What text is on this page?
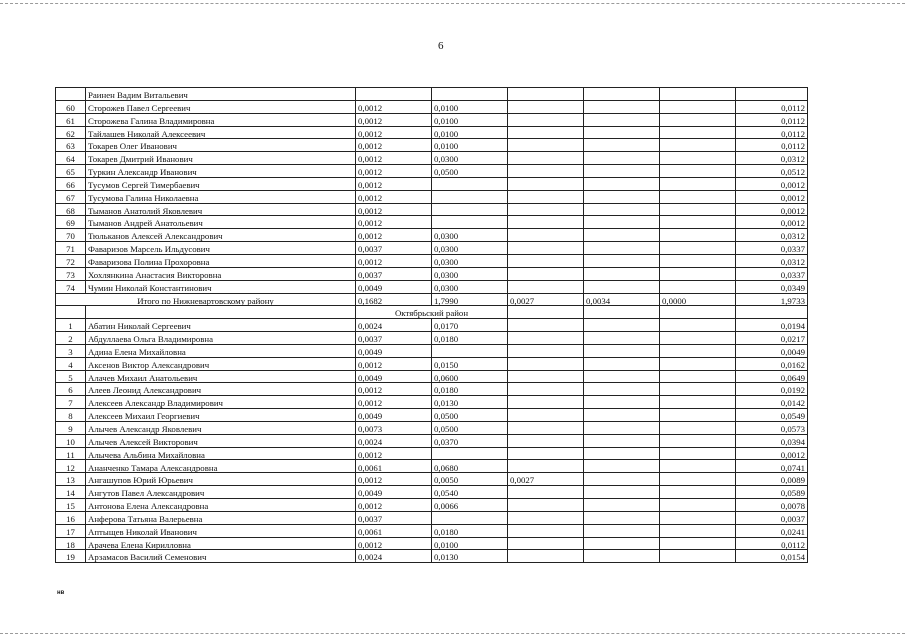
6
	Раинен Вадим Витальевич						
60	Сторожев Павел Сергеевич	0,0012	0,0100				0,0112
61	Сторожева Галина Владимировна	0,0012	0,0100				0,0112
62	Тайлашев Николай Алексеевич	0,0012	0,0100				0,0112
63	Токарев Олег Иванович	0,0012	0,0100				0,0112
64	Токарев Дмитрий Иванович	0,0012	0,0300				0,0312
65	Туркин Александр Иванович	0,0012	0,0500				0,0512
66	Тусумов Сергей Тимербаевич	0,0012					0,0012
67	Тусумова Галина Николаевна	0,0012					0,0012
68	Тыманов Анатолий Яковлевич	0,0012					0,0012
69	Тыманов Андрей Анатольевич	0,0012					0,0012
70	Тюльканов Алексей Александрович	0,0012	0,0300				0,0312
71	Фаваризов Марсель Ильдусович	0,0037	0,0300				0,0337
72	Фаваризова Полина Прохоровна	0,0012	0,0300				0,0312
73	Хохлянкина Анастасия Викторовна	0,0037	0,0300				0,0337
74	Чумин Николай Константинович	0,0049	0,0300				0,0349
Итого по Нижневартовскому району		0,1682	1,7990	0,0027	0,0034	0,0000	1,9733
		Октябрьский район					
1	Абатин Николай Сергеевич	0,0024	0,0170				0,0194
2	Абдуллаева Ольга Владимировна	0,0037	0,0180				0,0217
3	Адина Елена Михайловна	0,0049					0,0049
4	Аксенов Виктор Александрович	0,0012	0,0150				0,0162
5	Алачев Михаил Анатольевич	0,0049	0,0600				0,0649
6	Алеев Леонид Александрович	0,0012	0,0180				0,0192
7	Алексеев Александр Владимирович	0,0012	0,0130				0,0142
8	Алексеев Михаил Георгиевич	0,0049	0,0500				0,0549
9	Алычев Александр Яковлевич	0,0073	0,0500				0,0573
10	Алычев Алексей Викторович	0,0024	0,0370				0,0394
11	Алычева Альбина Михайловна	0,0012					0,0012
12	Ананченко Тамара Александровна	0,0061	0,0680				0,0741
13	Ангашупов Юрий Юрьевич	0,0012	0,0050	0,0027			0,0089
14	Ангутов Павел Александрович	0,0049	0,0540				0,0589
15	Антонова Елена Александровна	0,0012	0,0066				0,0078
16	Анферова Татьяна Валерьевна	0,0037					0,0037
17	Аптыщев Николай Иванович	0,0061	0,0180				0,0241
18	Арачева Елена Кирилловна	0,0012	0,0100				0,0112
19	Арзамасов Василий Семенович	0,0024	0,0130				0,0154
нв
